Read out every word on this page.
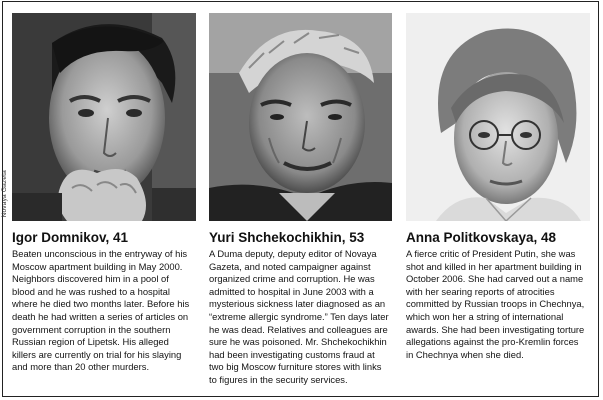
Novaya Gazeta
Igor Domnikov, 41
Beaten unconscious in the entryway of his
Moscow apartment building in May 2000.
Neighbors discovered him in a pool of
blood and he was rushed to a hospital
where he died two months later. Before his
death he had written a series of articles on
government corruption in the southern
Russian region of Lipetsk. His alleged
killers are currently on trial for his slaying
and more than 20 other murders.
Yuri Shchekochikhin, 53
A Duma deputy, deputy editor of Novaya
Gazeta, and noted campaigner against
organized crime and corruption. He was
admitted to hospital in June 2003 with a
mysterious sickness later diagnosed as an
“extreme allergic syndrome.” Ten days later
he was dead. Relatives and colleagues are
sure he was poisoned. Mr. Shchekochikhin
had been investigating customs fraud at
two big Moscow furniture stores with links
to figures in the security services.
Anna Politkovskaya, 48
A fierce critic of President Putin, she was
shot and killed in her apartment building in
October 2006. She had carved out a name
with her searing reports of atrocities
committed by Russian troops in Chechnya,
which won her a string of international
awards. She had been investigating torture
allegations against the pro-Kremlin forces
in Chechnya when she died.
